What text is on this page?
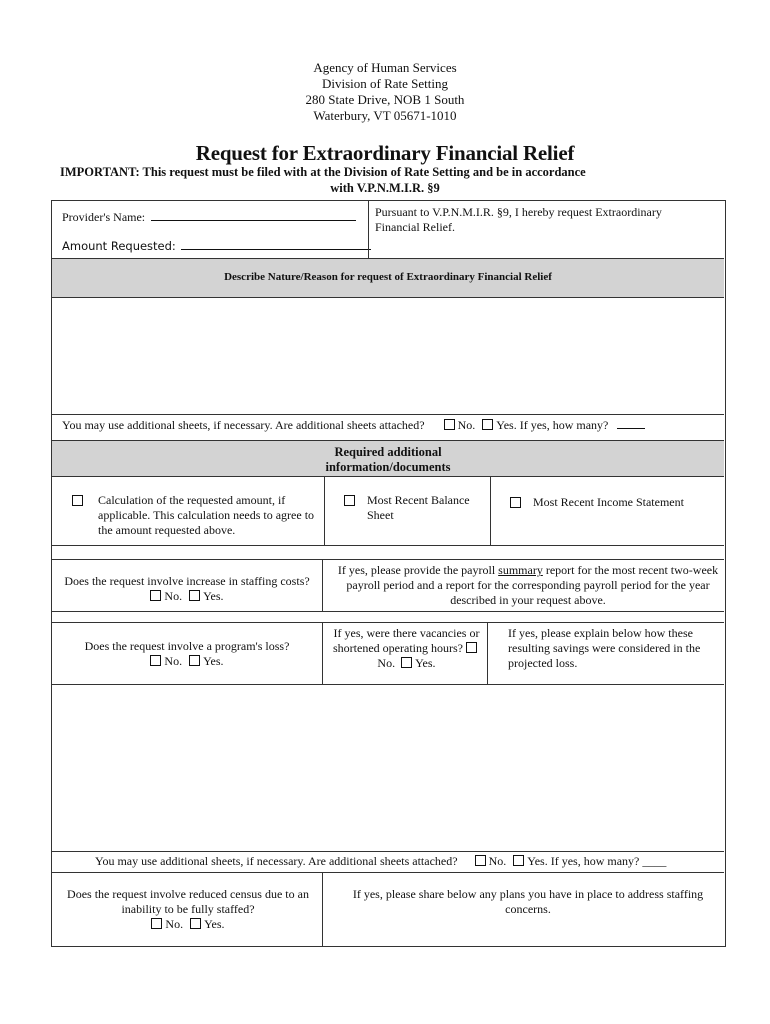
Agency of Human Services
Division of Rate Setting
280 State Drive, NOB 1 South
Waterbury, VT 05671-1010
Request for Extraordinary Financial Relief
IMPORTANT: This request must be filed with at the Division of Rate Setting and be in accordance
with V.P.N.M.I.R. §9
Provider's Name:
Amount Requested:
Pursuant to V.P.N.M.I.R. §9, I hereby request Extraordinary Financial Relief.
Describe Nature/Reason for request of Extraordinary Financial Relief
You may use additional sheets, if necessary. Are additional sheets attached?	No. Yes. If yes, how many?
Required additional
information/documents
Calculation of the requested amount, if applicable. This calculation needs to agree to the amount requested above.
Most Recent Balance Sheet
Most Recent Income Statement
Does the request involve increase in staffing costs?
No. Yes.
If yes, please provide the payroll summary report for the most recent two-week payroll period and a report for the corresponding payroll period for the year described in your request above.
Does the request involve a program's loss?
No. Yes.
If yes, were there vacancies or shortened operating hours? No. Yes.
If yes, please explain below how these resulting savings were considered in the projected loss.
You may use additional sheets, if necessary. Are additional sheets attached?	No. Yes. If yes, how many? ____
Does the request involve reduced census due to an inability to be fully staffed?
No. Yes.
If yes, please share below any plans you have in place to address staffing concerns.
